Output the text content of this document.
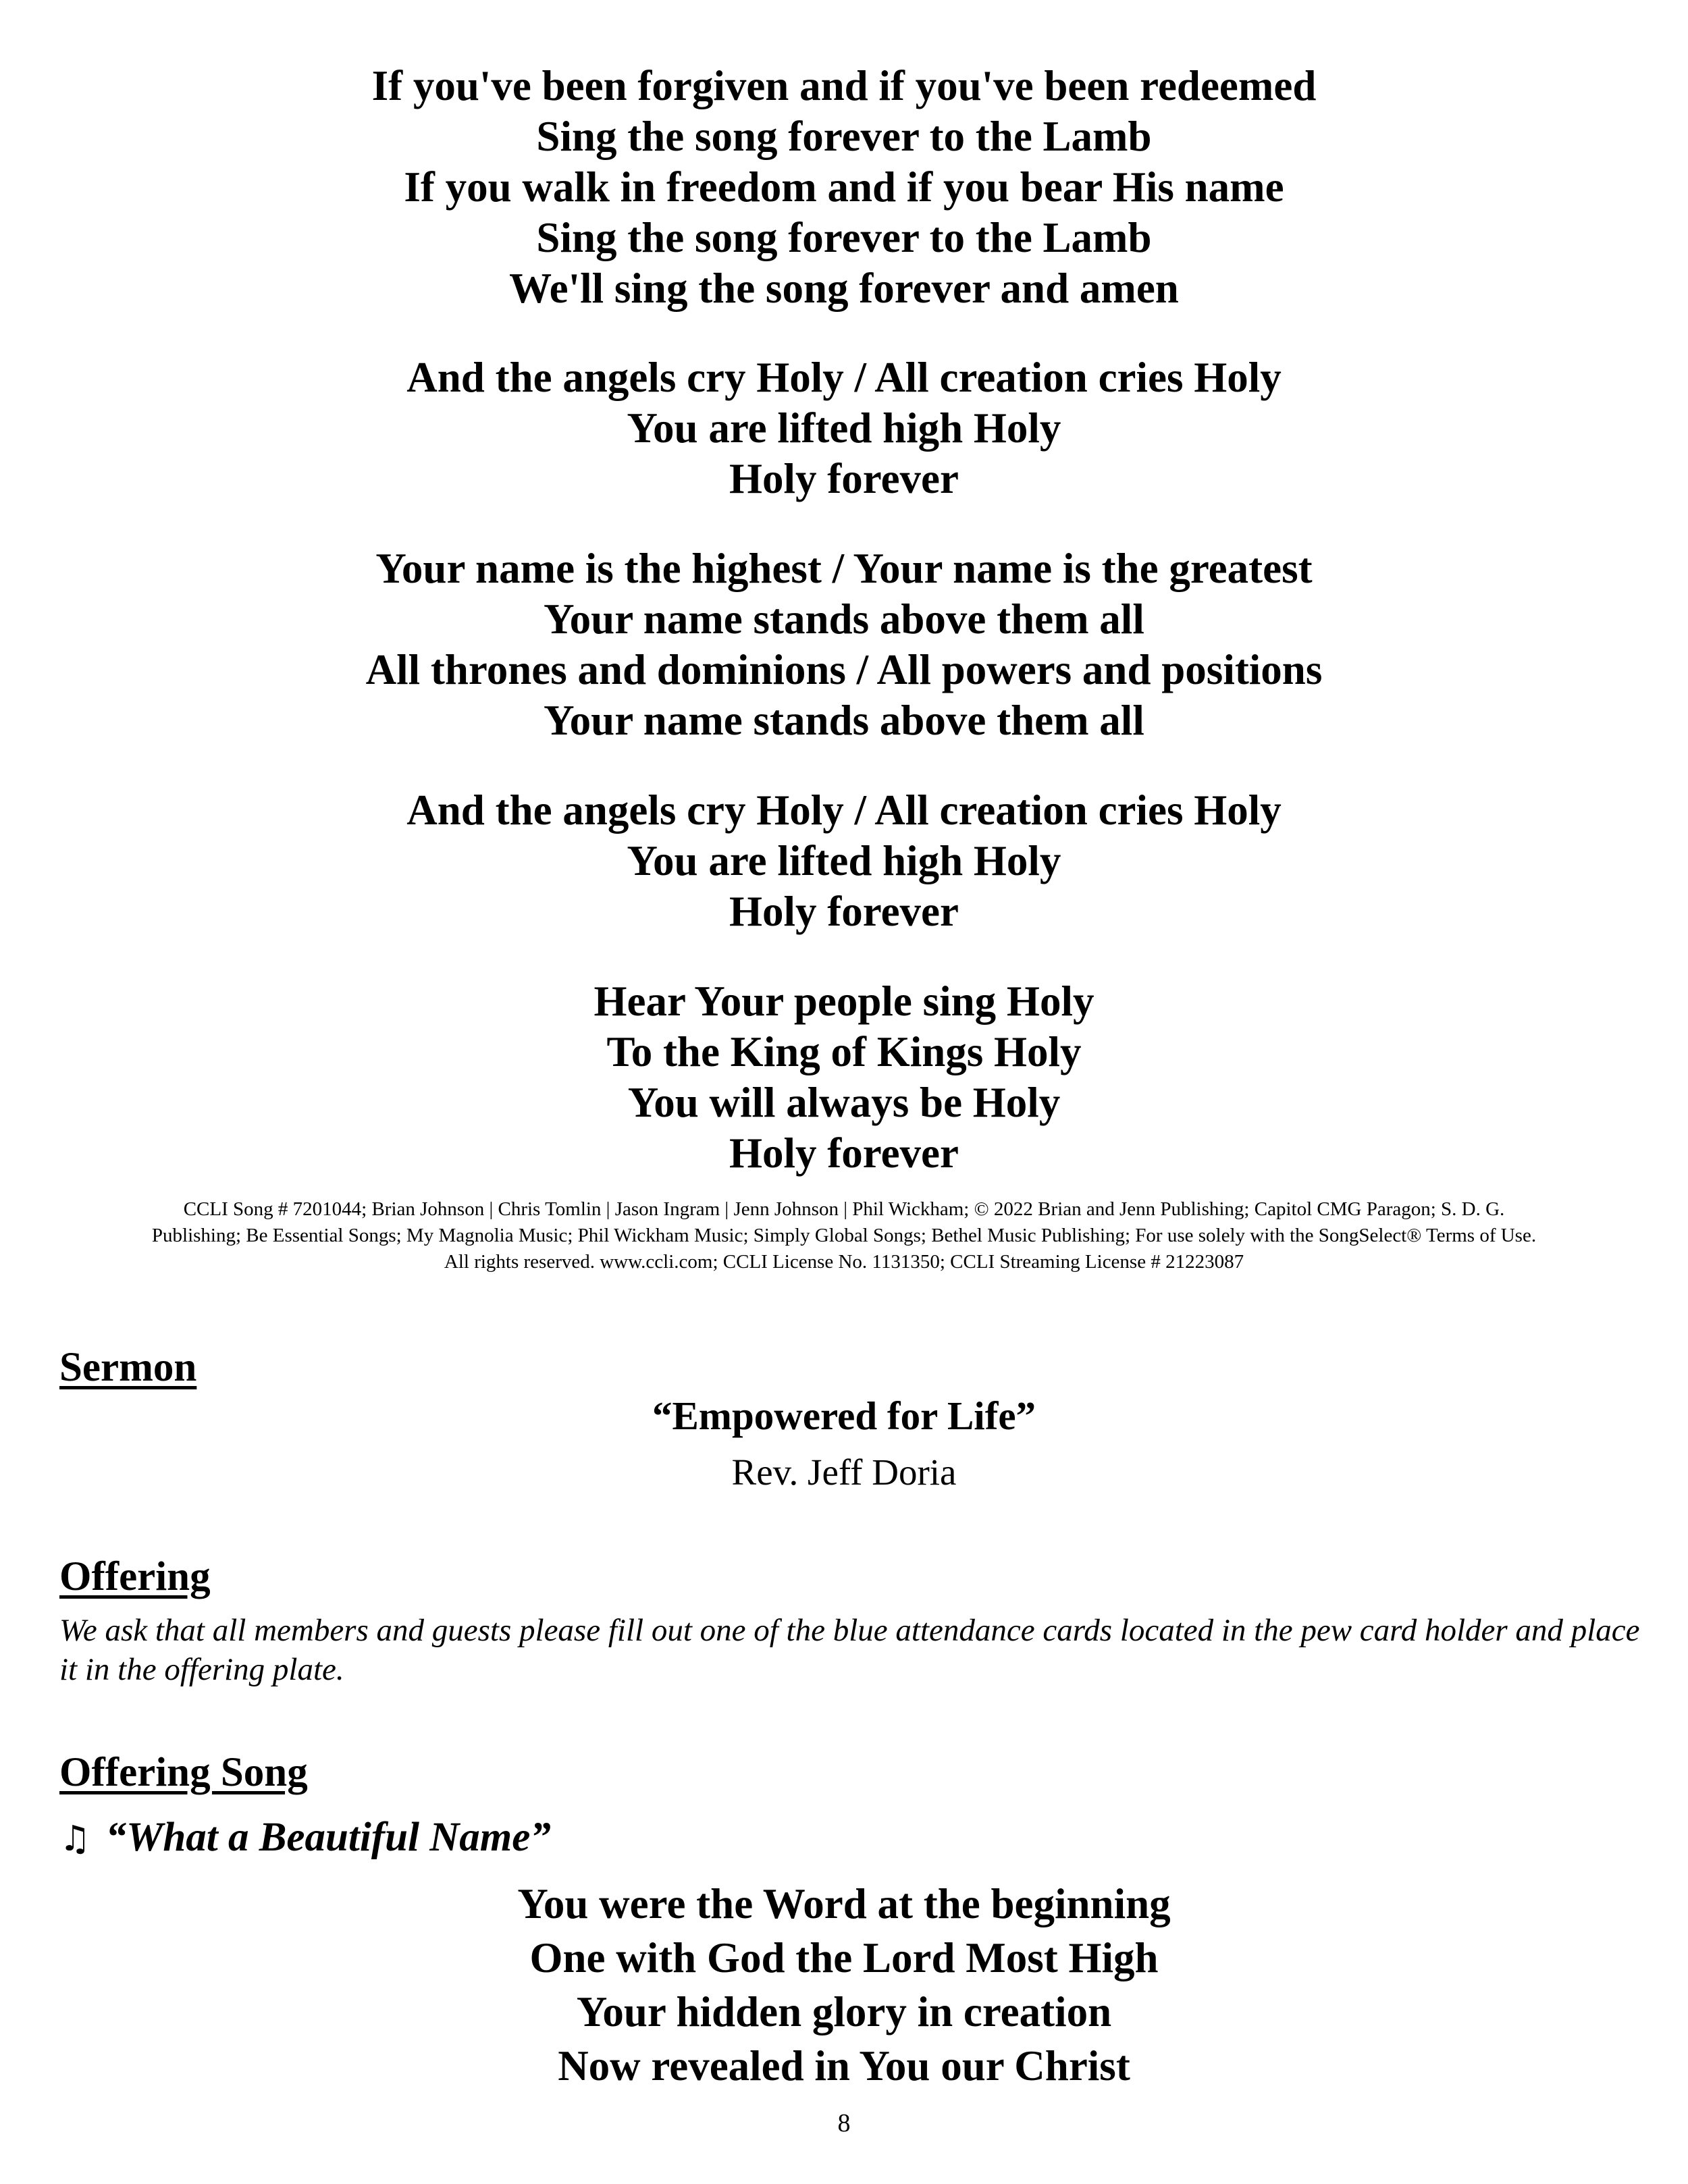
If you've been forgiven and if you've been redeemed
Sing the song forever to the Lamb
If you walk in freedom and if you bear His name
Sing the song forever to the Lamb
We'll sing the song forever and amen
And the angels cry Holy / All creation cries Holy
You are lifted high Holy
Holy forever
Your name is the highest / Your name is the greatest
Your name stands above them all
All thrones and dominions / All powers and positions
Your name stands above them all
And the angels cry Holy / All creation cries Holy
You are lifted high Holy
Holy forever
Hear Your people sing Holy
To the King of Kings Holy
You will always be Holy
Holy forever
CCLI Song # 7201044; Brian Johnson | Chris Tomlin | Jason Ingram | Jenn Johnson | Phil Wickham; © 2022 Brian and Jenn Publishing; Capitol CMG Paragon; S. D. G.
Publishing; Be Essential Songs; My Magnolia Music; Phil Wickham Music; Simply Global Songs; Bethel Music Publishing; For use solely with the SongSelect® Terms of Use.
All rights reserved. www.ccli.com; CCLI License No. 1131350; CCLI Streaming License # 21223087
Sermon
“Empowered for Life”
Rev. Jeff Doria
Offering
We ask that all members and guests please fill out one of the blue attendance cards located in the pew card holder and place it in the offering plate.
Offering Song
♫ “What a Beautiful Name”
You were the Word at the beginning
One with God the Lord Most High
Your hidden glory in creation
Now revealed in You our Christ
8
